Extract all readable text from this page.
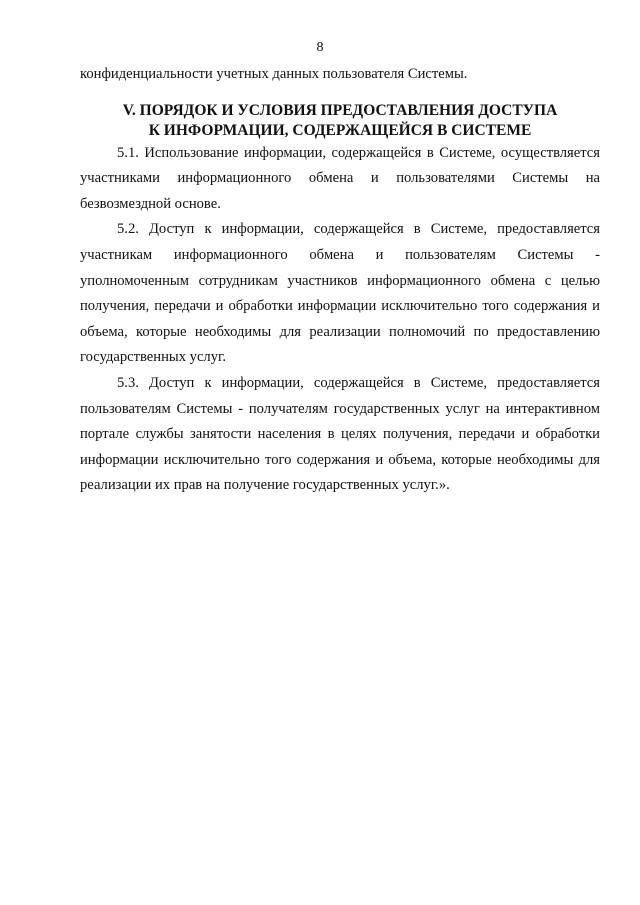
8

конфиденциальности учетных данных пользователя Системы.

V. ПОРЯДОК И УСЛОВИЯ ПРЕДОСТАВЛЕНИЯ ДОСТУПА
К ИНФОРМАЦИИ, СОДЕРЖАЩЕЙСЯ В СИСТЕМЕ

5.1. Использование информации, содержащейся в Системе, осуществляется участниками информационного обмена и пользователями Системы на безвозмездной основе.

5.2. Доступ к информации, содержащейся в Системе, предоставляется участникам информационного обмена и пользователям Системы - уполномоченным сотрудникам участников информационного обмена с целью получения, передачи и обработки информации исключительно того содержания и объема, которые необходимы для реализации полномочий по предоставлению государственных услуг.

5.3. Доступ к информации, содержащейся в Системе, предоставляется пользователям Системы - получателям государственных услуг на интерактивном портале службы занятости населения в целях получения, передачи и обработки информации исключительно того содержания и объема, которые необходимы для реализации их прав на получение государственных услуг.».
